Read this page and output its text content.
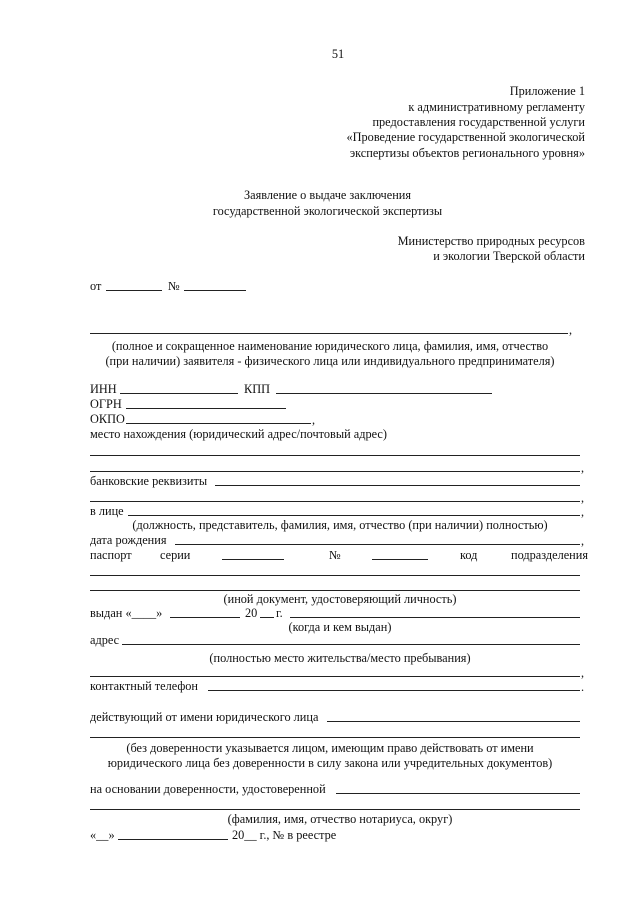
51
Приложение 1
к административному регламенту
предоставления государственной услуги
«Проведение государственной экологической
экспертизы объектов регионального уровня»
Заявление о выдаче заключения
государственной экологической экспертизы
Министерство природных ресурсов
и экологии Тверской области
от	№
,
(полное и сокращенное наименование юридического лица, фамилия, имя, отчество
(при наличии) заявителя - физического лица или индивидуального предпринимателя)
ИНН	КПП
ОГРН
ОКПО	,
место нахождения (юридический адрес/почтовый адрес)
,
банковские реквизиты
,
в лице	,
(должность, представитель, фамилия, имя, отчество (при наличии) полностью)
дата рождения	,
паспорт серии	№	код	подразделения
(иной документ, удостоверяющий личность)
выдан «____»	20 г.
(когда и кем выдан)
адрес
(полностью место жительства/место пребывания)
,
контактный телефон	.
действующий от имени юридического лица
(без доверенности указывается лицом, имеющим право действовать от имени
юридического лица без доверенности в силу закона или учредительных документов)
на основании доверенности, удостоверенной
(фамилия, имя, отчество нотариуса, округ)
«__»	20__ г., № в реестре
